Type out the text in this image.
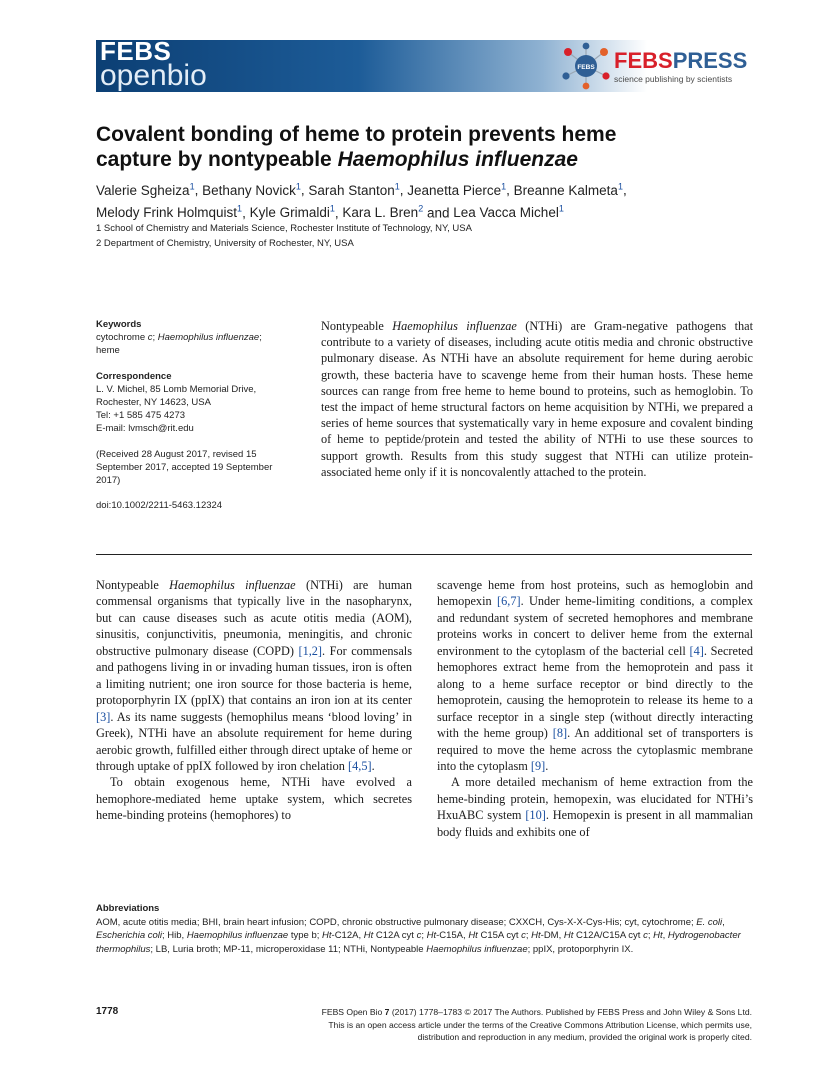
FEBS
openbio	FEBS FEBSPRESS
science publishing by scientists
Covalent bonding of heme to protein prevents heme
capture by nontypeable Haemophilus influenzae
Valerie Sgheiza$^1$, Bethany Novick$^1$, Sarah Stanton$^1$, Jeanetta Pierce$^1$, Breanne Kalmeta$^1$,
Melody Frink Holmquist$^1$, Kyle Grimaldi$^1$, Kara L. Bren$^2$ and Lea Vacca Michel$^1$
1 School of Chemistry and Materials Science, Rochester Institute of Technology, NY, USA
2 Department of Chemistry, University of Rochester, NY, USA

Keywords

cytochrome c; Haemophilus influenzae;
heme

Correspondence

L. V. Michel, 85 Lomb Memorial Drive,
Rochester, NY 14623, USA
Tel: +1 585 475 4273
E-mail: lvmsch@rit.edu

(Received 28 August 2017, revised 15
September 2017, accepted 19 September
2017)

doi:10.1002/2211-5463.12324

Nontypeable Haemophilus influenzae (NTHi) are Gram-negative pathogens that contribute to a variety of diseases, including acute otitis media and chronic obstructive pulmonary disease. As NTHi have an absolute requirement for heme during aerobic growth, these bacteria have to scavenge heme from their human hosts. These heme sources can range from free heme to heme bound to proteins, such as hemoglobin. To test the impact of heme structural factors on heme acquisition by NTHi, we prepared a series of heme sources that systematically vary in heme exposure and covalent binding of heme to peptide/protein and tested the ability of NTHi to use these sources to support growth. Results from this study suggest that NTHi can utilize protein-associated heme only if it is noncovalently attached to the protein.

Nontypeable Haemophilus influenzae (NTHi) are human commensal organisms that typically live in the nasopharynx, but can cause diseases such as acute otitis media (AOM), sinusitis, conjunctivitis, pneumonia, meningitis, and chronic obstructive pulmonary disease (COPD) [1,2]. For commensals and pathogens living in or invading human tissues, iron is often a limiting nutrient; one iron source for those bacteria is heme, protoporphyrin IX (ppIX) that contains an iron ion at its center [3]. As its name suggests (hemophilus means ‘blood loving’ in Greek), NTHi have an absolute requirement for heme during aerobic growth, fulfilled either through direct uptake of heme or through uptake of ppIX followed by iron chelation [4,5].

To obtain exogenous heme, NTHi have evolved a hemophore-mediated heme uptake system, which secretes heme-binding proteins (hemophores) to

scavenge heme from host proteins, such as hemoglobin and hemopexin [6,7]. Under heme-limiting conditions, a complex and redundant system of secreted hemophores and membrane proteins works in concert to deliver heme from the external environment to the cytoplasm of the bacterial cell [4]. Secreted hemophores extract heme from the hemoprotein and pass it along to a heme surface receptor or bind directly to the hemoprotein, causing the hemoprotein to release its heme to a surface receptor in a single step (without directly interacting with the heme group) [8]. An additional set of transporters is required to move the heme across the cytoplasmic membrane into the cytoplasm [9].

A more detailed mechanism of heme extraction from the heme-binding protein, hemopexin, was elucidated for NTHi’s HxuABC system [10]. Hemopexin is present in all mammalian body fluids and exhibits one of

Abbreviations
AOM, acute otitis media; BHI, brain heart infusion; COPD, chronic obstructive pulmonary disease; CXXCH, Cys-X-X-Cys-His; cyt, cytochrome; E. coli, Escherichia coli; Hib, Haemophilus influenzae type b; Ht-C12A, Ht C12A cyt c; Ht-C15A, Ht C15A cyt c; Ht-DM, Ht C12A/C15A cyt c; Ht, Hydrogenobacter thermophilus; LB, Luria broth; MP-11, microperoxidase 11; NTHi, Nontypeable Haemophilus influenzae; ppIX, protoporphyrin IX.
1778	FEBS Open Bio 7 (2017) 1778–1783 © 2017 The Authors. Published by FEBS Press and John Wiley & Sons Ltd.
This is an open access article under the terms of the Creative Commons Attribution License, which permits use,
distribution and reproduction in any medium, provided the original work is properly cited.
